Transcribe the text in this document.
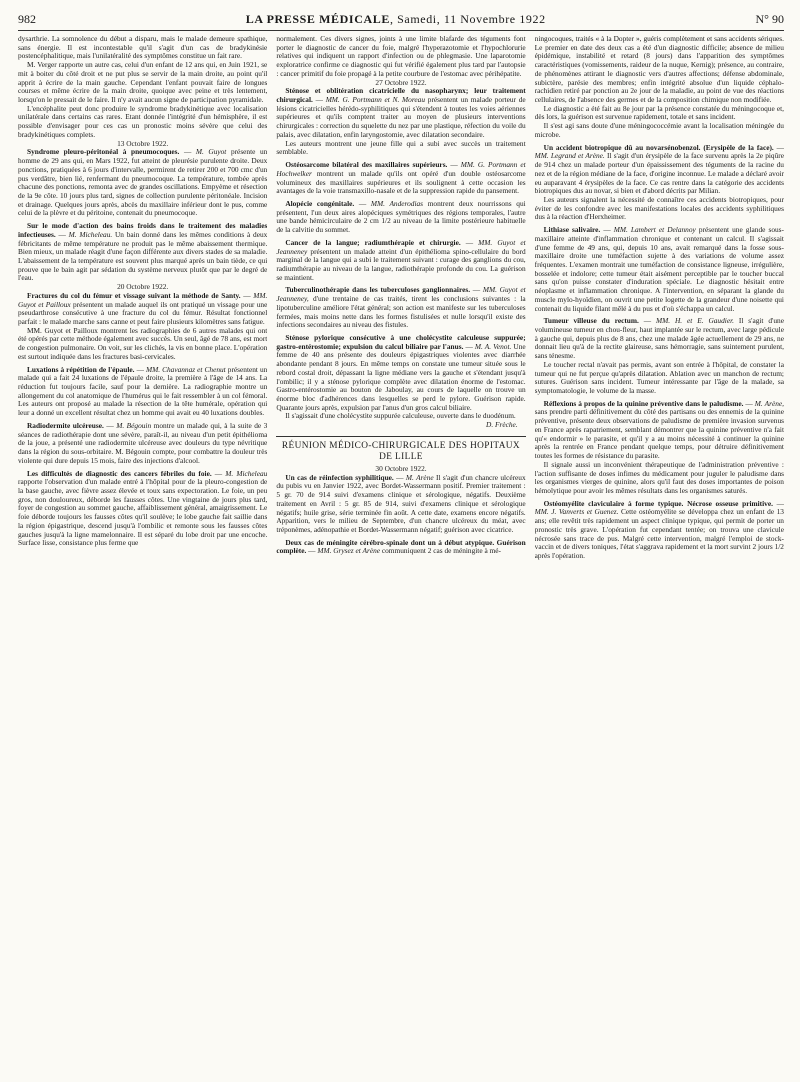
982	LA PRESSE MÉDICALE, Samedi, 11 Novembre 1922	N° 90

dysarthrie. La somnolence du début a disparu, mais le malade demeure spathique, sans énergie. Il est incontestable qu'il s'agit d'un cas de bradykinésie postencéphalitique, mais l'unilatéralité des symptômes constitue un fait rare.

M. Verger rapporte un autre cas, celui d'un enfant de 12 ans qui, en Juin 1921, se mit à boiter du côté droit et ne put plus se servir de la main droite, au point qu'il apprit à écrire de la main gauche. Cependant l'enfant pouvait faire de longues courses et même écrire de la main droite, quoique avec peine et très lentement, lorsqu'on le pressait de le faire. Il n'y avait aucun signe de participation pyramidale.

L'encéphalite peut donc produire le syndrome bradykinétique avec localisation unilatérale dans certains cas rares. Etant donnée l'intégrité d'un hémisphère, il est possible d'envisager pour ces cas un pronostic moins sévère que celui des bradykinétiques complets.

13 Octobre 1922.

Syndrome pleuro-péritonéal à pneumocoques. — M. Guyot présente un homme de 29 ans qui, en Mars 1922, fut atteint de pleurésie purulente droite. Deux ponctions, pratiquées à 6 jours d'intervalle, permirent de retirer 200 et 700 cmc d'un pus verdâtre, bien lié, renfermant du pneumocoque. La température, tombée après chacune des ponctions, remonta avec de grandes oscillations. Empyème et résection de la 9e côte. 10 jours plus tard, signes de collection purulente péritonéale. Incision et drainage. Quelques jours après, abcès du maxillaire inférieur dont le pus, comme celui de la plèvre et du péritoine, contenait du pneumocoque.

Sur le mode d'action des bains froids dans le traitement des maladies infectieuses. — M. Micheleau. Un bain donné dans les mêmes conditions à deux fébricitants de même température ne produit pas le même abaissement thermique. Bien mieux, un malade réagit d'une façon différente aux divers stades de sa maladie. L'abaissement de la température est souvent plus marqué après un bain tiède, ce qui prouve que le bain agit par sédation du système nerveux plutôt que par le degré de l'eau.

20 Octobre 1922.

Fractures du col du fémur et vissage suivant la méthode de Santy. — MM. Guyot et Pailloux présentent un malade auquel ils ont pratiqué un vissage pour une pseudarthrose consécutive à une fracture du col du fémur. Résultat fonctionnel parfait : le malade marche sans canne et peut faire plusieurs kilomètres sans fatigue.

MM. Guyot et Pailloux montrent les radiographies de 6 autres malades qui ont été opérés par cette méthode également avec succès. Un seul, âgé de 78 ans, est mort de congestion pulmonaire. On voit, sur les clichés, la vis en bonne place. L'opération est surtout indiquée dans les fractures basi-cervicales.

Luxations à répétition de l'épaule. — MM. Chavannaz et Chenut présentent un malade qui a fait 24 luxations de l'épaule droite, la première à l'âge de 14 ans. La réduction fut toujours facile, sauf pour la dernière. La radiographie montre un allongement du col anatomique de l'humérus qui le fait ressembler à un col fémoral. Les auteurs ont proposé au malade la résection de la tête humérale, opération qui leur a donné un excellent résultat chez un homme qui avait eu 40 luxations doubles.

Radiodermite ulcéreuse. — M. Bégouin montre un malade qui, à la suite de 3 séances de radiothérapie dont une sévère, paraît-il, au niveau d'un petit épithélioma de la joue, a présenté une radiodermite ulcéreuse avec douleurs du type névritique dans la région du sous-orbitaire. M. Bégouin compte, pour combattre la douleur très violente qui dure depuis 15 mois, faire des injections d'alcool.

Les difficultés de diagnostic des cancers fébriles du foie. — M. Micheleau rapporte l'observation d'un malade entré à l'hôpital pour de la pleuro-congestion de la base gauche, avec fièvre assez élevée et toux sans expectoration. Le foie, un peu gros, non douloureux, déborde les fausses côtes. Une vingtaine de jours plus tard, foyer de congestion au sommet gauche, affaiblissement général, amaigrissement. Le foie déborde toujours les fausses côtes qu'il soulève; le lobe gauche fait saillie dans la région épigastrique, descend jusqu'à l'ombilic et remonte sous les fausses côtes gauches jusqu'à la ligne mamelonnaire. Il est séparé du lobe droit par une encoche. Surface lisse, consistance plus ferme que

normalement. Ces divers signes, joints à une limite blafarde des téguments font porter le diagnostic de cancer du foie, malgré l'hyperazotomie et l'hypochlorurie relatives qui indiquent un rapport d'infection ou de phlegmasie. Une laparotomie exploratrice confirme ce diagnostic qui fut vérifié également plus tard par l'autopsie : cancer primitif du foie propagé à la petite courbure de l'estomac avec périhépatite.

27 Octobre 1922.

Sténose et oblitération cicatricielle du nasopharynx; leur traitement chirurgical. — MM. G. Portmann et N. Moreau présentent un malade porteur de lésions cicatricielles hérédo-syphilitiques qui s'étendent à toutes les voies aériennes supérieures et qu'ils comptent traiter au moyen de plusieurs interventions chirurgicales : correction du squelette du nez par une plastique, réfection du voile du palais, avec dilatation, enfin laryngostomie, avec dilatation secondaire.

Les auteurs montrent une jeune fille qui a subi avec succès un traitement semblable.

Ostéosarcome bilatéral des maxillaires supérieurs. — MM. G. Portmann et Hochwelker montrent un malade qu'ils ont opéré d'un double ostéosarcome volumineux des maxillaires supérieures et ils soulignent à cette occasion les avantages de la voie transmaxillo-nasale et de la suppression rapide du pansement.

Alopécie congénitale. — MM. Anderodias montrent deux nourrissons qui présentent, l'un deux aires alopéciques symétriques des régions temporales, l'autre une bande hémicirculaire de 2 cm 1/2 au niveau de la limite postérieure habituelle de la calvitie du sommet.

Cancer de la langue; radiumthérapie et chirurgie. — MM. Guyot et Jeanneney présentent un malade atteint d'un épithélioma spino-cellulaire du bord marginal de la langue qui a subi le traitement suivant : curage des ganglions du cou, radiumthérapie au niveau de la langue, radiothérapie profonde du cou. La guérison se maintient.

Tuberculinothérapie dans les tuberculoses ganglionnaires. — MM. Guyot et Jeanneney, d'une trentaine de cas traités, tirent les conclusions suivantes : la lipotuberculine améliore l'état général; son action est manifeste sur les tuberculoses fermées, mais moins nette dans les formes fistulisées et nulle lorsqu'il existe des infections secondaires au niveau des fistules.

Sténose pylorique consécutive à une cholécystite calculeuse suppurée; gastro-entérostomie; expulsion du calcul biliaire par l'anus. — M. A. Venot. Une femme de 40 ans présente des douleurs épigastriques violentes avec diarrhée abondante pendant 8 jours. En même temps on constate une tumeur située sous le rebord costal droit, dépassant la ligne médiane vers la gauche et s'étendant jusqu'à l'ombilic; il y a sténose pylorique complète avec dilatation énorme de l'estomac. Gastro-entérostomie au bouton de Jaboulay, au cours de laquelle on trouve un énorme bloc d'adhérences dans lesquelles se perd le pylore. Guérison rapide. Quarante jours après, expulsion par l'anus d'un gros calcul biliaire.

Il s'agissait d'une cholécystite suppurée calculeuse, ouverte dans le duodénum.

D. Frèche.

RÉUNION MÉDICO-CHIRURGICALE DES HOPITAUX
DE LILLE

30 Octobre 1922.

Un cas de réinfection syphilitique. — M. Arène Il s'agit d'un chancre ulcéreux du pubis vu en Janvier 1922, avec Bordet-Wassermann positif. Premier traitement : 5 gr. 70 de 914 suivi d'examens clinique et sérologique, négatifs. Deuxième traitement en Avril : 5 gr. 85 de 914, suivi d'examens clinique et sérologique négatifs; huile grise, série terminée fin août. A cette date, examens encore négatifs. Apparition, vers le milieu de Septembre, d'un chancre ulcéreux du méat, avec tréponèmes, adénopathie et Bordet-Wassermann négatif; guérison avec cicatrice.

Deux cas de méningite cérébro-spinale dont un à début atypique. Guérison complète. — MM. Grysez et Arène communiquent 2 cas de méningite à mé-

ningocoques, traités « à la Dopter », guéris complètement et sans accidents sériques. Le premier en date des deux cas a été d'un diagnostic difficile; absence de milieu épidémique, instabilité et retard (8 jours) dans l'apparition des symptômes caractéristiques (vomissements, raideur de la nuque, Kernig); présence, au contraire, de phénomènes attirant le diagnostic vers d'autres affections; défense abdominale, subictère, parésie des membres; enfin intégrité absolue d'un liquide céphalo-rachidien retiré par ponction au 2e jour de la maladie, au point de vue des réactions cellulaires, de l'absence des germes et de la composition chimique non modifiée.

Le diagnostic a été fait au 8e jour par la présence constatée du méningocoque et, dès lors, la guérison est survenue rapidement, totale et sans incident.

Il s'est agi sans doute d'une méningococcémie avant la localisation méningée du microbe.

Un accident biotropique dû au novarsénobenzol. (Erysipèle de la face). — MM. Legrand et Arène. Il s'agit d'un érysipèle de la face survenu après la 2e piqûre de 914 chez un malade porteur d'un épaississement des téguments de la racine du nez et de la région médiane de la face, d'origine inconnue. Le malade a déclaré avoir eu auparavant 4 érysipèles de la face. Ce cas rentre dans la catégorie des accidents biotropiques dus au novar, si bien et d'abord décrits par Milian.

Les auteurs signalent la nécessité de connaître ces accidents biotropiques, pour éviter de les confondre avec les manifestations locales des accidents syphilitiques dus à la réaction d'Herxheimer.

Lithiase salivaire. — MM. Lambert et Delannoy présentent une glande sous-maxillaire atteinte d'inflammation chronique et contenant un calcul. Il s'agissait d'une femme de 49 ans, qui, depuis 10 ans, avait remarqué dans la fosse sous-maxillaire droite une tuméfaction sujette à des variations de volume assez fréquentes. L'examen montrait une tuméfaction de consistance ligneuse, irrégulière, bosselée et indolore; cette tumeur était aisément perceptible par le toucher buccal sans qu'on puisse constater d'induration spéciale. Le diagnostic hésitait entre néoplasme et inflammation chronique. A l'intervention, en séparant la glande du muscle mylo-hyoïdien, on ouvrit une petite logette de la grandeur d'une noisette qui contenait du liquide filant mêlé à du pus et d'où s'échappa un calcul.

Tumeur villeuse du rectum. — MM. H. et E. Gaudier. Il s'agit d'une volumineuse tumeur en chou-fleur, haut implantée sur le rectum, avec large pédicule à gauche qui, depuis plus de 8 ans, chez une malade âgée actuellement de 29 ans, ne donnait lieu qu'à de la rectite glaireuse, sans hémorragie, sans suintement purulent, sans ténesme.

Le toucher rectal n'avait pas permis, avant son entrée à l'hôpital, de constater la tumeur qui ne fut perçue qu'après dilatation. Ablation avec un manchon de rectum; sutures. Guérison sans incident. Tumeur intéressante par l'âge de la malade, sa symptomatologie, le volume de la masse.

Réflexions à propos de la quinine préventive dans le paludisme. — M. Arène, sans prendre parti définitivement du côté des partisans ou des ennemis de la quinine préventive, présente deux observations de paludisme de première invasion survenus en France après rapatriement, semblant démontrer que la quinine préventive n'a fait qu'« endormir » le parasite, et qu'il y a au moins nécessité à continuer la quinine après la rentrée en France pendant quelque temps, pour détruire définitivement toutes les formes de résistance du parasite.

Il signale aussi un inconvénient thérapeutique de l'administration préventive : l'action suffisante de doses infimes du médicament pour juguler le paludisme dans les organismes vierges de quinine, alors qu'il faut des doses importantes de poison hémolytique pour avoir les mêmes résultats dans les organismes saturés.

Ostéomyélite claviculaire à forme typique. Nécrose osseuse primitive. — MM. J. Vanverts et Guenez. Cette ostéomyélite se développa chez un enfant de 13 ans; elle revêtit très rapidement un aspect clinique typique, qui permit de porter un pronostic très grave. L'opération fut cependant tentée; on trouva une clavicule nécrosée sans trace de pus. Malgré cette intervention, malgré l'emploi de stock-vaccin et de divers toniques, l'état s'aggrava rapidement et la mort survint 2 jours 1/2 après l'opération.
